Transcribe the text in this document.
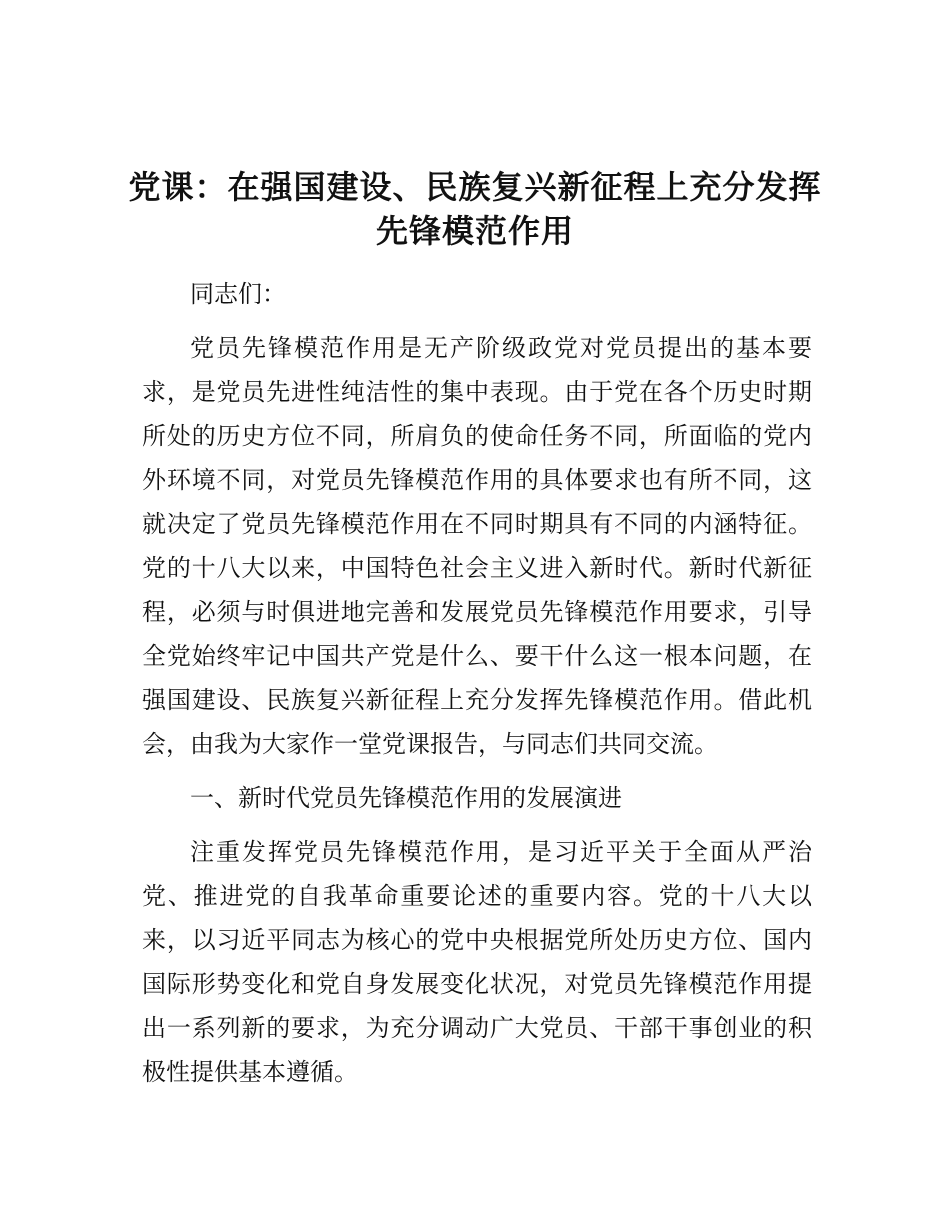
党课：在强国建设、民族复兴新征程上充分发挥先锋模范作用

同志们：

党员先锋模范作用是无产阶级政党对党员提出的基本要求，是党员先进性纯洁性的集中表现。由于党在各个历史时期所处的历史方位不同，所肩负的使命任务不同，所面临的党内外环境不同，对党员先锋模范作用的具体要求也有所不同，这就决定了党员先锋模范作用在不同时期具有不同的内涵特征。党的十八大以来，中国特色社会主义进入新时代。新时代新征程，必须与时俱进地完善和发展党员先锋模范作用要求，引导全党始终牢记中国共产党是什么、要干什么这一根本问题，在强国建设、民族复兴新征程上充分发挥先锋模范作用。借此机会，由我为大家作一堂党课报告，与同志们共同交流。

一、新时代党员先锋模范作用的发展演进

注重发挥党员先锋模范作用，是习近平关于全面从严治党、推进党的自我革命重要论述的重要内容。党的十八大以来，以习近平同志为核心的党中央根据党所处历史方位、国内国际形势变化和党自身发展变化状况，对党员先锋模范作用提出一系列新的要求，为充分调动广大党员、干部干事创业的积极性提供基本遵循。
